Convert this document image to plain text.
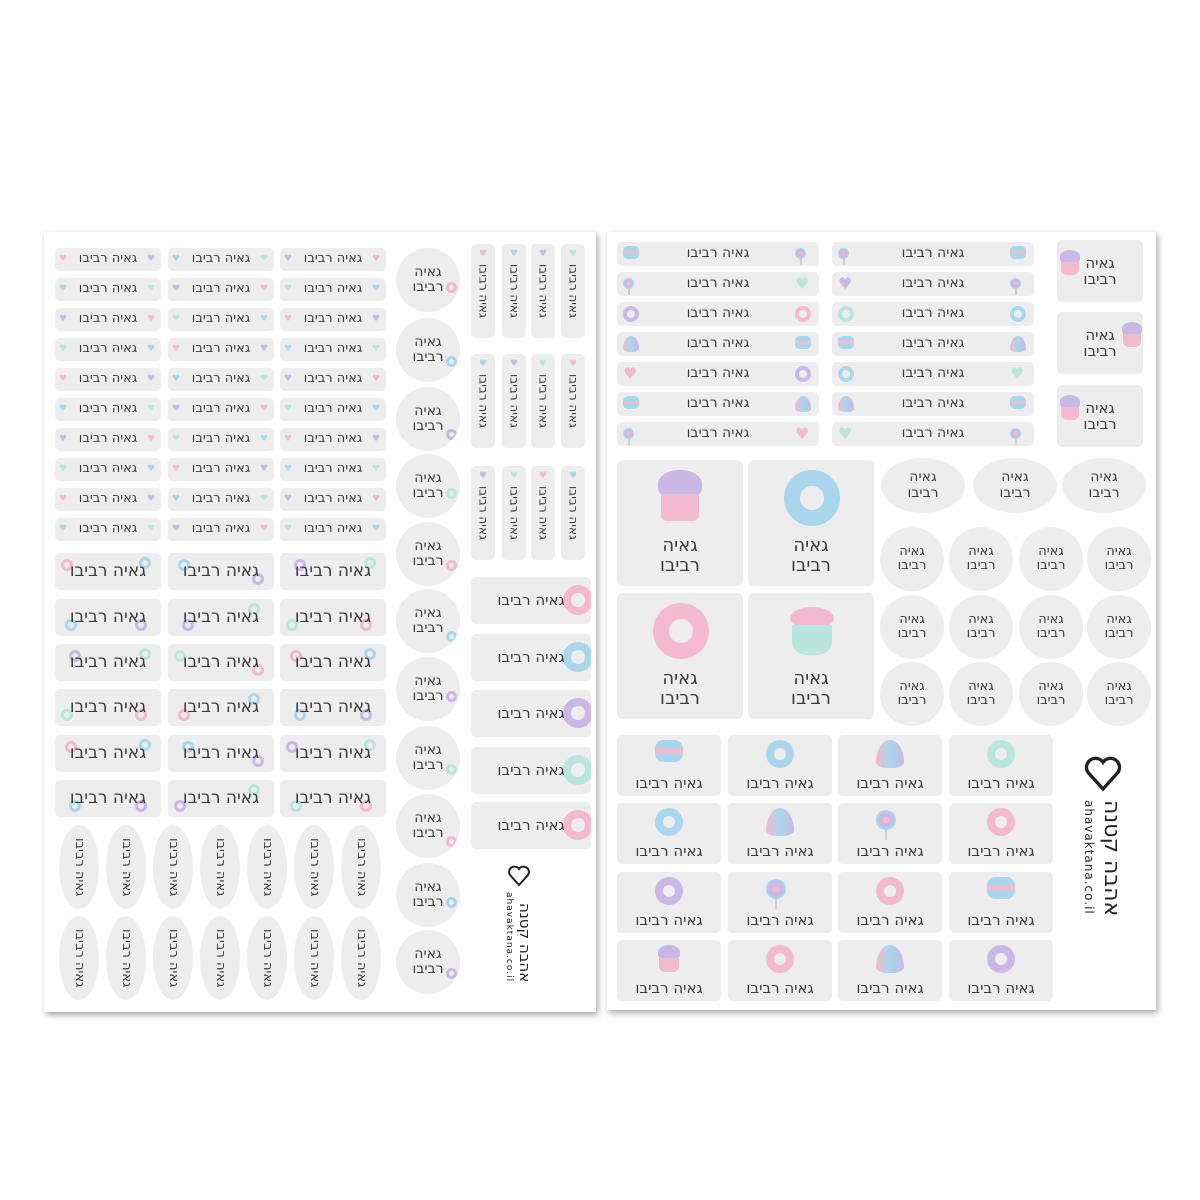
גאיה רביבו
♥	♥	גאיה רביבו
♥	♥	גאיה רביבו
♥	♥
גאיה רביבו
♥	♥	גאיה רביבו
♥	♥	גאיה רביבו
♥	♥
גאיה רביבו
♥	♥	גאיה רביבו
♥	♥	גאיה רביבו
♥	♥
גאיה רביבו
♥	♥	גאיה רביבו
♥	♥	גאיה רביבו
♥	♥
גאיה רביבו
♥	♥	גאיה רביבו
♥	♥	גאיה רביבו
♥	♥
גאיה רביבו
♥	♥	גאיה רביבו
♥	♥	גאיה רביבו
♥	♥
גאיה רביבו
♥	♥	גאיה רביבו
♥	♥	גאיה רביבו
♥	♥
גאיה רביבו
♥	♥	גאיה רביבו
♥	♥	גאיה רביבו
♥	♥
גאיה רביבו
♥	♥	גאיה רביבו
♥	♥	גאיה רביבו
♥	♥
גאיה רביבו
♥	♥	גאיה רביבו
♥	♥	גאיה רביבו
♥	♥
גאיה רביבו גאיה רביבו גאיה רביבו
גאיה רביבו גאיה רביבו גאיה רביבו
גאיה רביבו גאיה רביבו גאיה רביבו
גאיה רביבו גאיה רביבו גאיה רביבו
גאיה רביבו גאיה רביבו גאיה רביבו
גאיה רביבו גאיה רביבו גאיה רביבו
גאיה רביבו גאיה רביבו גאיה רביבו גאיה רביבו גאיה רביבו גאיה רביבו גאיה רביבו
גאיה רביבו גאיה רביבו גאיה רביבו גאיה רביבו גאיה רביבו גאיה רביבו גאיה רביבו
גאיה
רביבו
גאיה
רביבו
גאיה
רביבו
גאיה
רביבו
גאיה
רביבו
גאיה
רביבו
גאיה
רביבו
גאיה
רביבו
גאיה
רביבו
גאיה
רביבו
גאיה
רביבו
גאיה רביבו
♥
גאיה רביבו
♥
גאיה רביבו
♥
גאיה רביבו
♥
גאיה רביבו
♥
גאיה רביבו
♥
גאיה רביבו
♥
גאיה רביבו
♥
גאיה רביבו
♥
גאיה רביבו
♥
גאיה רביבו
♥
גאיה רביבו
♥
גאיה רביבו
גאיה רביבו
גאיה רביבו
גאיה רביבו
גאיה רביבו
אהבה קטנה
ahavaktana.co.il
גאיה רביבו	גאיה רביבו
גאיה רביבו	♥	גאיה רביבו
♥
גאיה רביבו	גאיה רביבו
גאיה רביבו	גאיה רביבו
גאיה רביבו
♥	גאיה רביבו	♥
גאיה רביבו	גאיה רביבו
גאיה רביבו	♥	גאיה רביבו
♥
גאיה
רביבו
גאיה
רביבו
גאיה
רביבו
גאיה
רביבו
גאיה
רביבו
גאיה
רביבו
גאיה
רביבו
גאיה
רביבו
גאיה
רביבו
גאיה
רביבו
גאיה
רביבו
גאיה
רביבו
גאיה
רביבו
גאיה
רביבו
גאיה
רביבו
גאיה
רביבו
גאיה
רביבו
גאיה
רביבו
גאיה
רביבו
גאיה
רביבו
גאיה
רביבו
גאיה
רביבו
גאיה רביבו	גאיה רביבו	גאיה רביבו	גאיה רביבו
גאיה רביבו	גאיה רביבו	גאיה רביבו	גאיה רביבו
גאיה רביבו	גאיה רביבו	גאיה רביבו	גאיה רביבו
גאיה רביבו	גאיה רביבו	גאיה רביבו	גאיה רביבו
אהבה קטנה
ahavaktana.co.il
